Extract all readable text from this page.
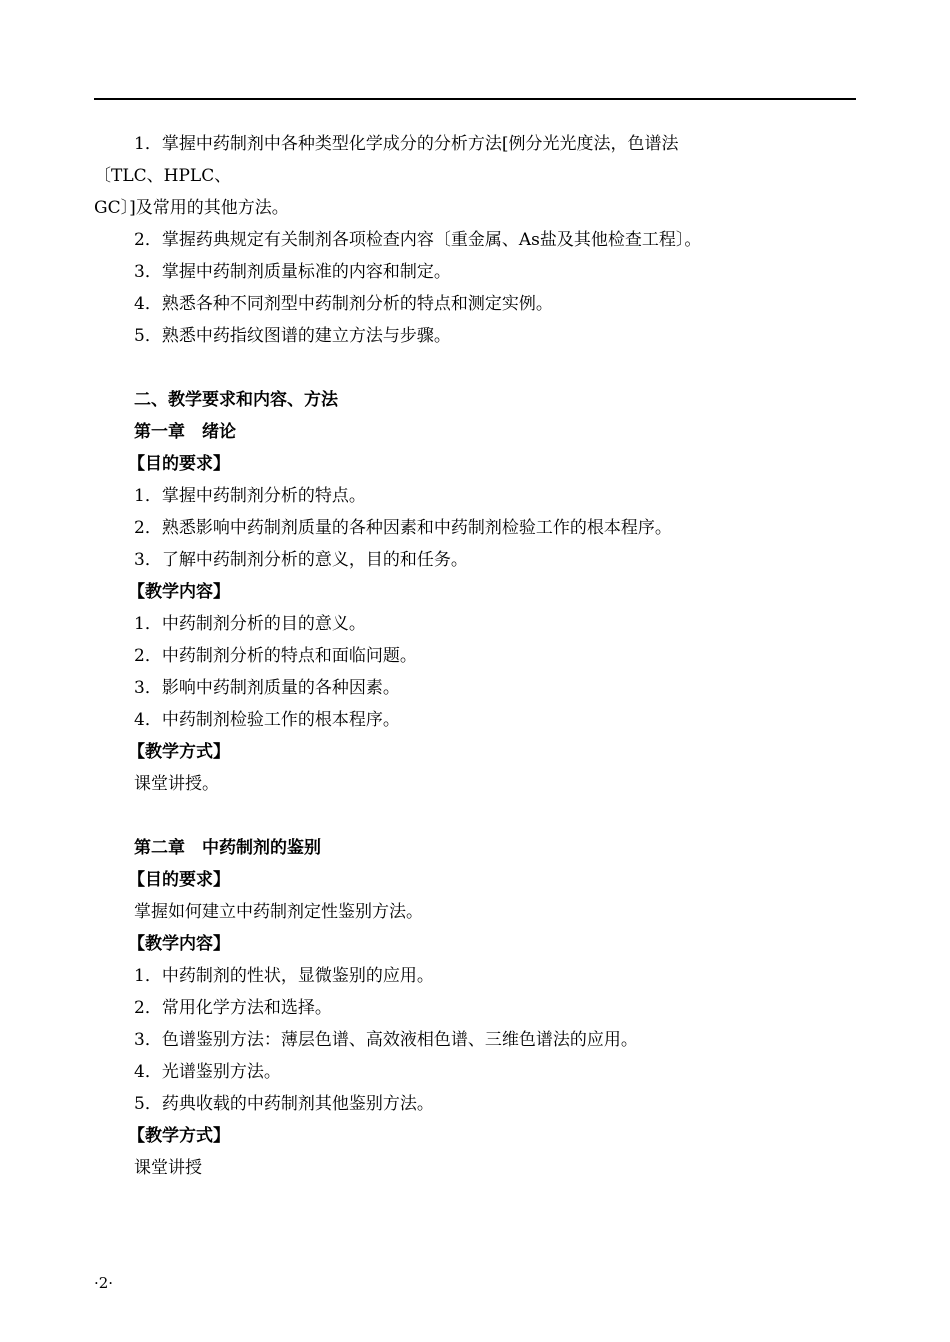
1．掌握中药制剂中各种类型化学成分的分析方法[例分光光度法，色谱法
〔TLC、HPLC、
GC〕]及常用的其他方法。
2．掌握药典规定有关制剂各项检查内容〔重金属、As盐及其他检查工程〕。
3．掌握中药制剂质量标准的内容和制定。
4．熟悉各种不同剂型中药制剂分析的特点和测定实例。
5．熟悉中药指纹图谱的建立方法与步骤。
二、教学要求和内容、方法
第一章　绪论
【目的要求】
1．掌握中药制剂分析的特点。
2．熟悉影响中药制剂质量的各种因素和中药制剂检验工作的根本程序。
3．了解中药制剂分析的意义，目的和任务。
【教学内容】
1．中药制剂分析的目的意义。
2．中药制剂分析的特点和面临问题。
3．影响中药制剂质量的各种因素。
4．中药制剂检验工作的根本程序。
【教学方式】
课堂讲授。
第二章　中药制剂的鉴别
【目的要求】
掌握如何建立中药制剂定性鉴别方法。
【教学内容】
1．中药制剂的性状，显微鉴别的应用。
2．常用化学方法和选择。
3．色谱鉴别方法：薄层色谱、高效液相色谱、三维色谱法的应用。
4．光谱鉴别方法。
5．药典收载的中药制剂其他鉴别方法。
【教学方式】
课堂讲授
·2·
